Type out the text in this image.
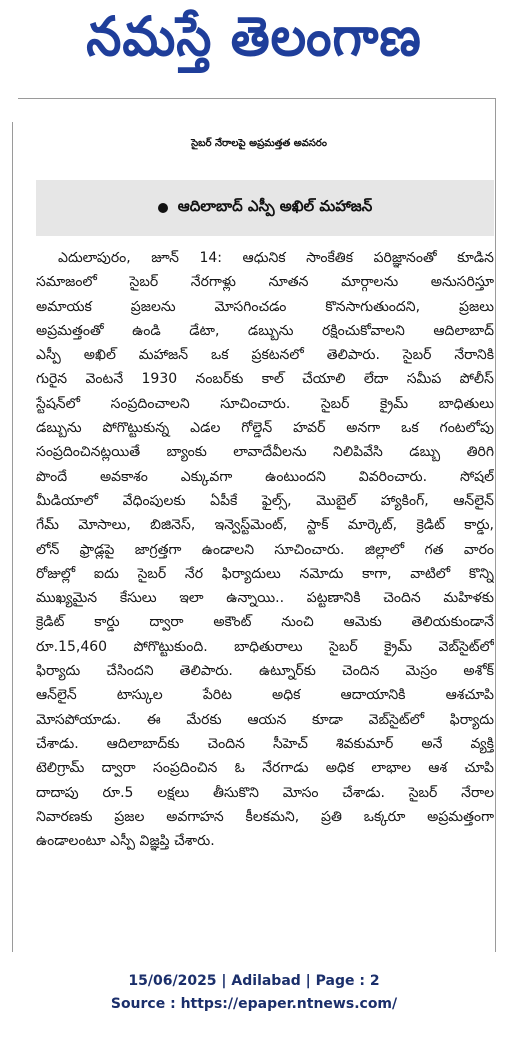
నమస్తే తెలంగాణ
సైబర్ నేరాలపై అప్రమత్తత అవసరం
ఆదిలాబాద్ ఎస్పీ అఖిల్ మహాజన్
ఎదులాపురం, జూన్ 14: ఆధునిక సాంకేతిక పరిజ్ఞానంతో కూడిన
సమాజంలో సైబర్ నేరగాళ్లు నూతన మార్గాలను అనుసరిస్తూ
అమాయక ప్రజలను మోసగించడం కొనసాగుతుందని, ప్రజలు
అప్రమత్తంతో ఉండి డేటా, డబ్బును రక్షించుకోవాలని ఆదిలాబాద్
ఎస్పీ అఖిల్ మహాజన్ ఒక ప్రకటనలో తెలిపారు. సైబర్ నేరానికి
గురైన వెంటనే 1930 నంబర్‌కు కాల్ చేయాలి లేదా సమీప పోలీస్
స్టేషన్‌లో సంప్రదించాలని సూచించారు. సైబర్ క్రైమ్ బాధితులు
డబ్బును పోగొట్టుకున్న ఎడల గోల్డెన్ హవర్ అనగా ఒక గంటలోపు
సంప్రదించినట్లయితే బ్యాంకు లావాదేవీలను నిలిపివేసి డబ్బు తిరిగి
పొందే అవకాశం ఎక్కువగా ఉంటుందని వివరించారు. సోషల్
మీడియాలో వేధింపులకు ఏపీకే ఫైల్స్, మొబైల్ హ్యాకింగ్, ఆన్‌లైన్
గేమ్ మోసాలు, బిజినెస్, ఇన్వెస్ట్‌మెంట్, స్టాక్ మార్కెట్, క్రెడిట్ కార్డు,
లోన్ ఫ్రాడ్లపై జాగ్రత్తగా ఉండాలని సూచించారు. జిల్లాలో గత వారం
రోజుల్లో ఐదు సైబర్ నేర ఫిర్యాదులు నమోదు కాగా, వాటిలో కొన్ని
ముఖ్యమైన కేసులు ఇలా ఉన్నాయి.. పట్టణానికి చెందిన మహిళకు
క్రెడిట్ కార్డు ద్వారా అకౌంట్ నుంచి ఆమెకు తెలియకుండానే
రూ.15,460 పోగొట్టుకుంది. బాధితురాలు సైబర్ క్రైమ్ వెబ్‌సైట్‌లో
ఫిర్యాదు చేసిందని తెలిపారు. ఉట్నూర్‌కు చెందిన మెస్రం అశోక్
ఆన్‌లైన్ టాస్కుల పేరిట అధిక ఆదాయానికి ఆశచూపి
మోసపోయాడు. ఈ మేరకు ఆయన కూడా వెబ్‌సైట్‌లో ఫిర్యాదు
చేశాడు. ఆదిలాబాద్‌కు చెందిన సీహెచ్ శివకుమార్ అనే వ్యక్తి
టెలిగ్రామ్ ద్వారా సంప్రదించిన ఓ నేరగాడు అధిక లాభాల ఆశ చూపి
దాదాపు రూ.5 లక్షలు తీసుకొని మోసం చేశాడు. సైబర్ నేరాల
నివారణకు ప్రజల అవగాహన కీలకమని, ప్రతి ఒక్కరూ అప్రమత్తంగా
ఉండాలంటూ ఎస్పీ విజ్ఞప్తి చేశారు.
15/06/2025 | Adilabad | Page : 2
Source : https://epaper.ntnews.com/
